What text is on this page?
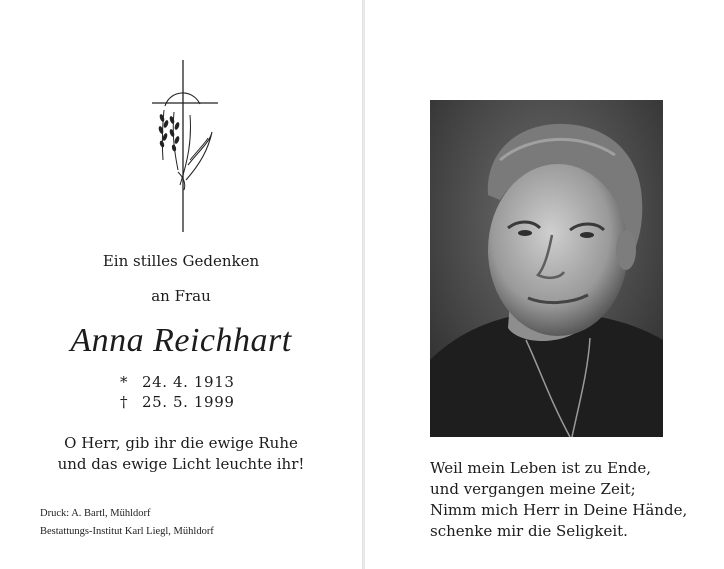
Ein stilles Gedenken
an Frau
Anna Reichhart
* 24. 4. 1913
† 25. 5. 1999
O Herr, gib ihr die ewige Ruhe
und das ewige Licht leuchte ihr!
Druck: A. Bartl, Mühldorf
Bestattungs-Institut Karl Liegl, Mühldorf
Weil mein Leben ist zu Ende,
und vergangen meine Zeit;
Nimm mich Herr in Deine Hände,
schenke mir die Seligkeit.
